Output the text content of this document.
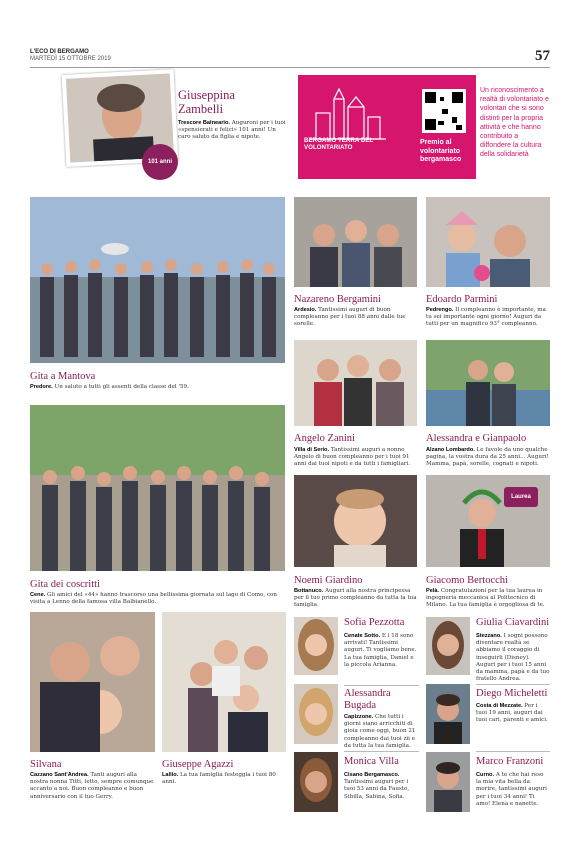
L'ECO DI BERGAMO
MARTEDÌ 15 OTTOBRE 2019	57
101 anni
Giuseppina Zambelli
Trescore Balneario. Auguroni per i tuoi «spensierati e felici» 101 anni! Un caro saluto da figlia e nipote.	BERGAMO TERRA DEL VOLONTARIATO
Premio al volontariato bergamasco
Un riconoscimento a realtà di volontariato e volontari che si sono distinti per la propria attività e che hanno contribuito a diffondere la cultura della solidarietà
Gita a Mantova
Predore. Un saluto a tutti gli assenti della classe del '59.
Gita dei coscritti
Cene. Gli amici del «44» hanno trascorso una bellissima giornata sul lago di Como, con visita a Lenno della famosa villa Balbianello.
Silvana
Cazzano Sant'Andrea. Tanti auguri alla nostra nonna Titti, letto, sempre comunque accanto a noi. Buon compleanno e buon anniversario con il tuo Gerry.
Giuseppe Agazzi
Lallio. La tua famiglia festeggia i tuoi 80 anni.
Nazareno Bergamini
Ardesio. Tantissimi auguri di buon compleanno per i tuoi 88 anni dalle tue sorelle.
Edoardo Parmini
Pedrengo. Il compleanno è importante, ma tu sei importante ogni giorno! Auguri da tutti per un magnifico 93° compleanno.
Angelo Zanini
Villa di Serio. Tantissimi auguri a nonno Angelo di buon compleanno per i tuoi 91 anni dai tuoi nipoti e da tutti i famigliari.
Alessandra e Gianpaolo
Alzano Lombardo. Le favole da uno qualche pagina, la vostra dura da 25 anni... Auguri! Mamma, papà, sorelle, cognati e nipoti.
Noemi Giardino
Bottanuco. Auguri alla nostra principessa per il tuo primo compleanno da tutta la tua famiglia.
Laurea
Giacomo Bertocchi
Pelà. Congratulazioni per la tua laurea in ingegneria meccanica al Politecnico di Milano. La tua famiglia è orgogliosa di te.
Sofia Pezzotta
Cenate Sotto. E i 18 sono arrivati! Tantissimi auguri. Ti vogliamo bene. La tua famiglia, Daniel e la piccola Arianna.
Giulia Ciavardini
Stezzano. I sogni possono diventare realtà se abbiamo il coraggio di inseguirli (Disney). Auguri per i tuoi 15 anni da mamma, papà e da tuo fratello Andrea.
Alessandra Bugada
Capizzone. Che tutti i giorni siano arricchiti di gioia come oggi, buon 21 compleanno dai tuoi zii e da tutta la tua famiglia.
Diego Micheletti
Costa di Mezzate. Per i tuoi 19 anni, auguri dai tuoi cari, parenti e amici.
Monica Villa
Cisano Bergamasco. Tantissimi auguri per i tuoi 53 anni da Fausto, Sibilla, Sabina, Sofia.
Marco Franzoni
Curno. A te che hai reso la mia vita bella da morire, tantissimi auguri per i tuoi 34 anni! Ti amo! Elena e nanette.
